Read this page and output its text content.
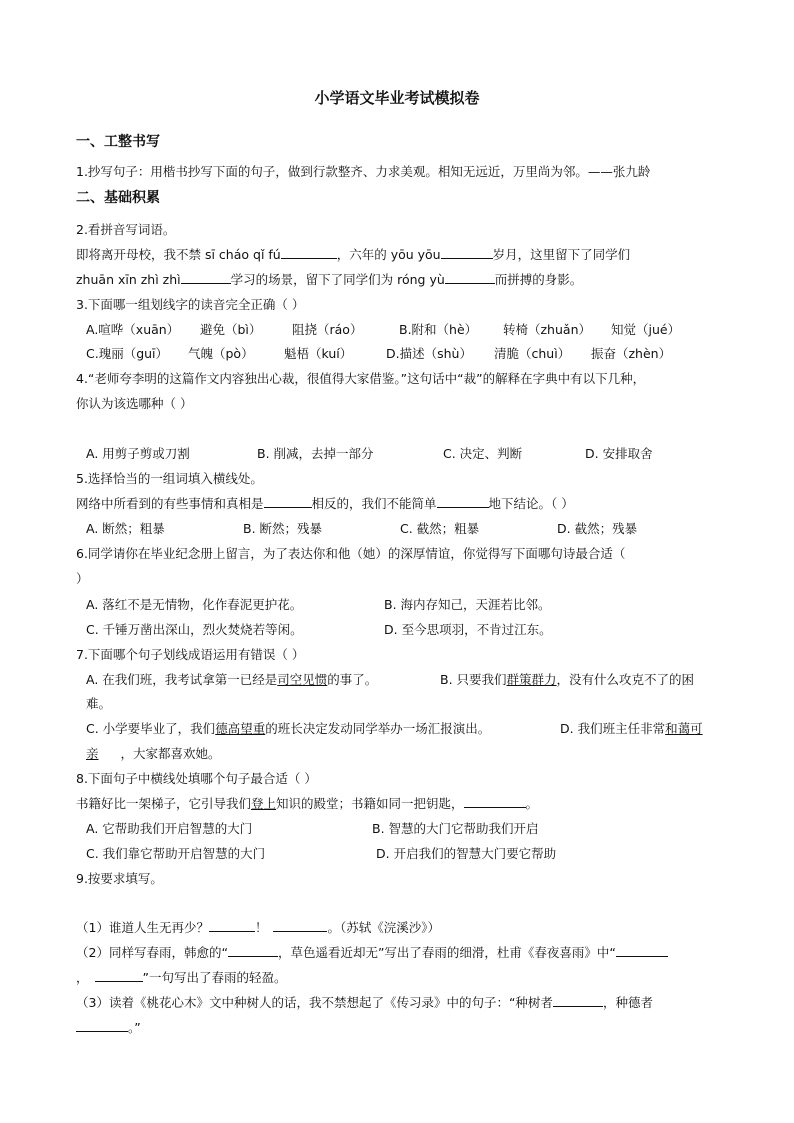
小学语文毕业考试模拟卷
一、工整书写
1.抄写句子：用楷书抄写下面的句子，做到行款整齐、力求美观。相知无远近，万里尚为邻。——张九龄
二、基础积累
2.看拼音写词语。
即将离开母校，我不禁 sī cháo qǐ fú	，六年的 yōu yōu	岁月，这里留下了同学们
zhuān xīn zhì zhì	学习的场景，留下了同学们为 róng yù	而拼搏的身影。
3.下面哪一组划线字的读音完全正确（ ）
A.喧哗（xuān） 避免（bì） 阻挠（ráo）	B.附和（hè） 转椅（zhuǎn） 知觉（jué）
C.瑰丽（guī） 气魄（pò） 魁梧（kuí）	D.描述（shù） 清脆（chuì） 振奋（zhèn）
4.“老师夸李明的这篇作文内容独出心裁，很值得大家借鉴。”这句话中“裁”的解释在字典中有以下几种，
你认为该选哪种（ ）
A. 用剪子剪或刀割	B. 削减，去掉一部分	C. 决定、判断	D. 安排取舍
5.选择恰当的一组词填入横线处。
网络中所看到的有些事情和真相是	相反的，我们不能简单	地下结论。（ ）
A. 断然；粗暴	B. 断然；残暴	C. 截然；粗暴	D. 截然；残暴
6.同学请你在毕业纪念册上留言，为了表达你和他（她）的深厚情谊，你觉得写下面哪句诗最合适（
）
A. 落红不是无情物，化作春泥更护花。	B. 海内存知己，天涯若比邻。
C. 千锤万凿出深山，烈火焚烧若等闲。	D. 至今思项羽，不肯过江东。
7.下面哪个句子划线成语运用有错误（ ）
A. 在我们班，我考试拿第一已经是司空见惯的事了。	B. 只要我们群策群力，没有什么攻克不了的困
难。
C. 小学要毕业了，我们德高望重的班长决定发动同学举办一场汇报演出。	D. 我们班主任非常和蔼可
亲 ，大家都喜欢她。
8.下面句子中横线处填哪个句子最合适（ ）
书籍好比一架梯子，它引导我们登上知识的殿堂；书籍如同一把钥匙，	。
A. 它帮助我们开启智慧的大门	B. 智慧的大门它帮助我们开启
C. 我们靠它帮助开启智慧的大门	D. 开启我们的智慧大门要它帮助
9.按要求填写。
（1）谁道人生无再少？	！	。（苏轼《浣溪沙》）
（2）同样写春雨，韩愈的“	，草色遥看近却无”写出了春雨的细滑，杜甫《春夜喜雨》中“
，	”一句写出了春雨的轻盈。
（3）读着《桃花心木》文中种树人的话，我不禁想起了《传习录》中的句子：“种树者	，种德者
。”
